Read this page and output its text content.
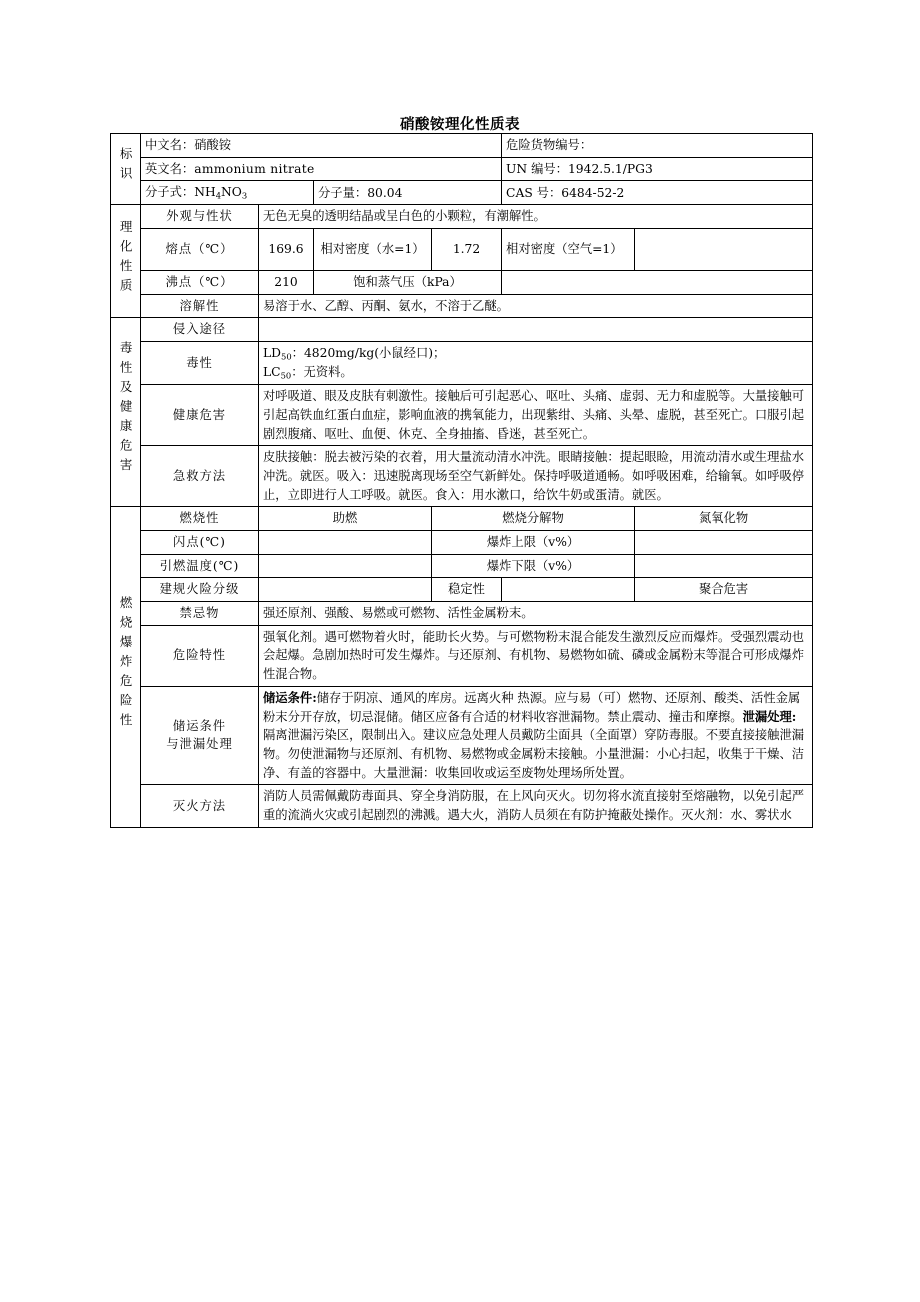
硝酸铵理化性质表
标识	中文名：硝酸铵				危险货物编号：	
	英文名：ammonium nitrate				UN 编号：1942.5.1/PG3	
	分子式：$NH_4NO_3$		分子量：80.04		CAS 号：6484-52-2	
理化性质	外观与性状	无色无臭的透明结晶或呈白色的小颗粒，有潮解性。				
	熔点（℃）	169.6	相对密度（水=1）	1.72	相对密度（空气=1）	
	沸点（℃）	210	饱和蒸气压（kPa）			
	溶解性	易溶于水、乙醇、丙酮、氨水，不溶于乙醚。				
毒性及健康危害	侵入途径					
	毒性	$LD_{50}$：4820mg/kg(小鼠经口)；
$LC_{50}$：无资料。				

	健康危害	对呼吸道、眼及皮肤有刺激性。接触后可引起恶心、呕吐、头痛、虚弱、无力和虚脱等。大量接触可引起高铁血红蛋白血症，影响血液的携氧能力，出现紫绀、头痛、头晕、虚脱，甚至死亡。口服引起剧烈腹痛、呕吐、血便、休克、全身抽搐、昏迷，甚至死亡。				
	急救方法	皮肤接触：脱去被污染的衣着，用大量流动清水冲洗。眼睛接触：提起眼睑，用流动清水或生理盐水冲洗。就医。吸入：迅速脱离现场至空气新鲜处。保持呼吸道通畅。如呼吸困难，给输氧。如呼吸停止，立即进行人工呼吸。就医。食入：用水漱口，给饮牛奶或蛋清。就医。				
燃烧爆炸危险性	燃烧性	助燃		燃烧分解物		氮氧化物
	闪点(℃)			爆炸上限（v%）		
	引燃温度(℃)			爆炸下限（v%）		
	建规火险分级			稳定性		聚合危害
	禁忌物	强还原剂、强酸、易燃或可燃物、活性金属粉末。				
	危险特性	强氧化剂。遇可燃物着火时，能助长火势。与可燃物粉末混合能发生激烈反应而爆炸。受强烈震动也会起爆。急剧加热时可发生爆炸。与还原剂、有机物、易燃物如硫、磷或金属粉末等混合可形成爆炸性混合物。				

	储运条件
与泄漏处理	储运条件:储存于阴凉、通风的库房。远离火种 热源。应与易（可）燃物、还原剂、酸类、活性金属粉末分开存放，切忌混储。储区应备有合适的材料收容泄漏物。禁止震动、撞击和摩擦。泄漏处理:隔离泄漏污染区，限制出入。建议应急处理人员戴防尘面具（全面罩）穿防毒服。不要直接接触泄漏物。勿使泄漏物与还原剂、有机物、易燃物或金属粉末接触。小量泄漏：小心扫起，收集于干燥、洁净、有盖的容器中。大量泄漏：收集回收或运至废物处理场所处置。				
	灭火方法	消防人员需佩戴防毒面具、穿全身消防服，在上风向灭火。切勿将水流直接射至熔融物，以免引起严重的流淌火灾或引起剧烈的沸溅。遇大火，消防人员须在有防护掩蔽处操作。灭火剂：水、雾状水				
